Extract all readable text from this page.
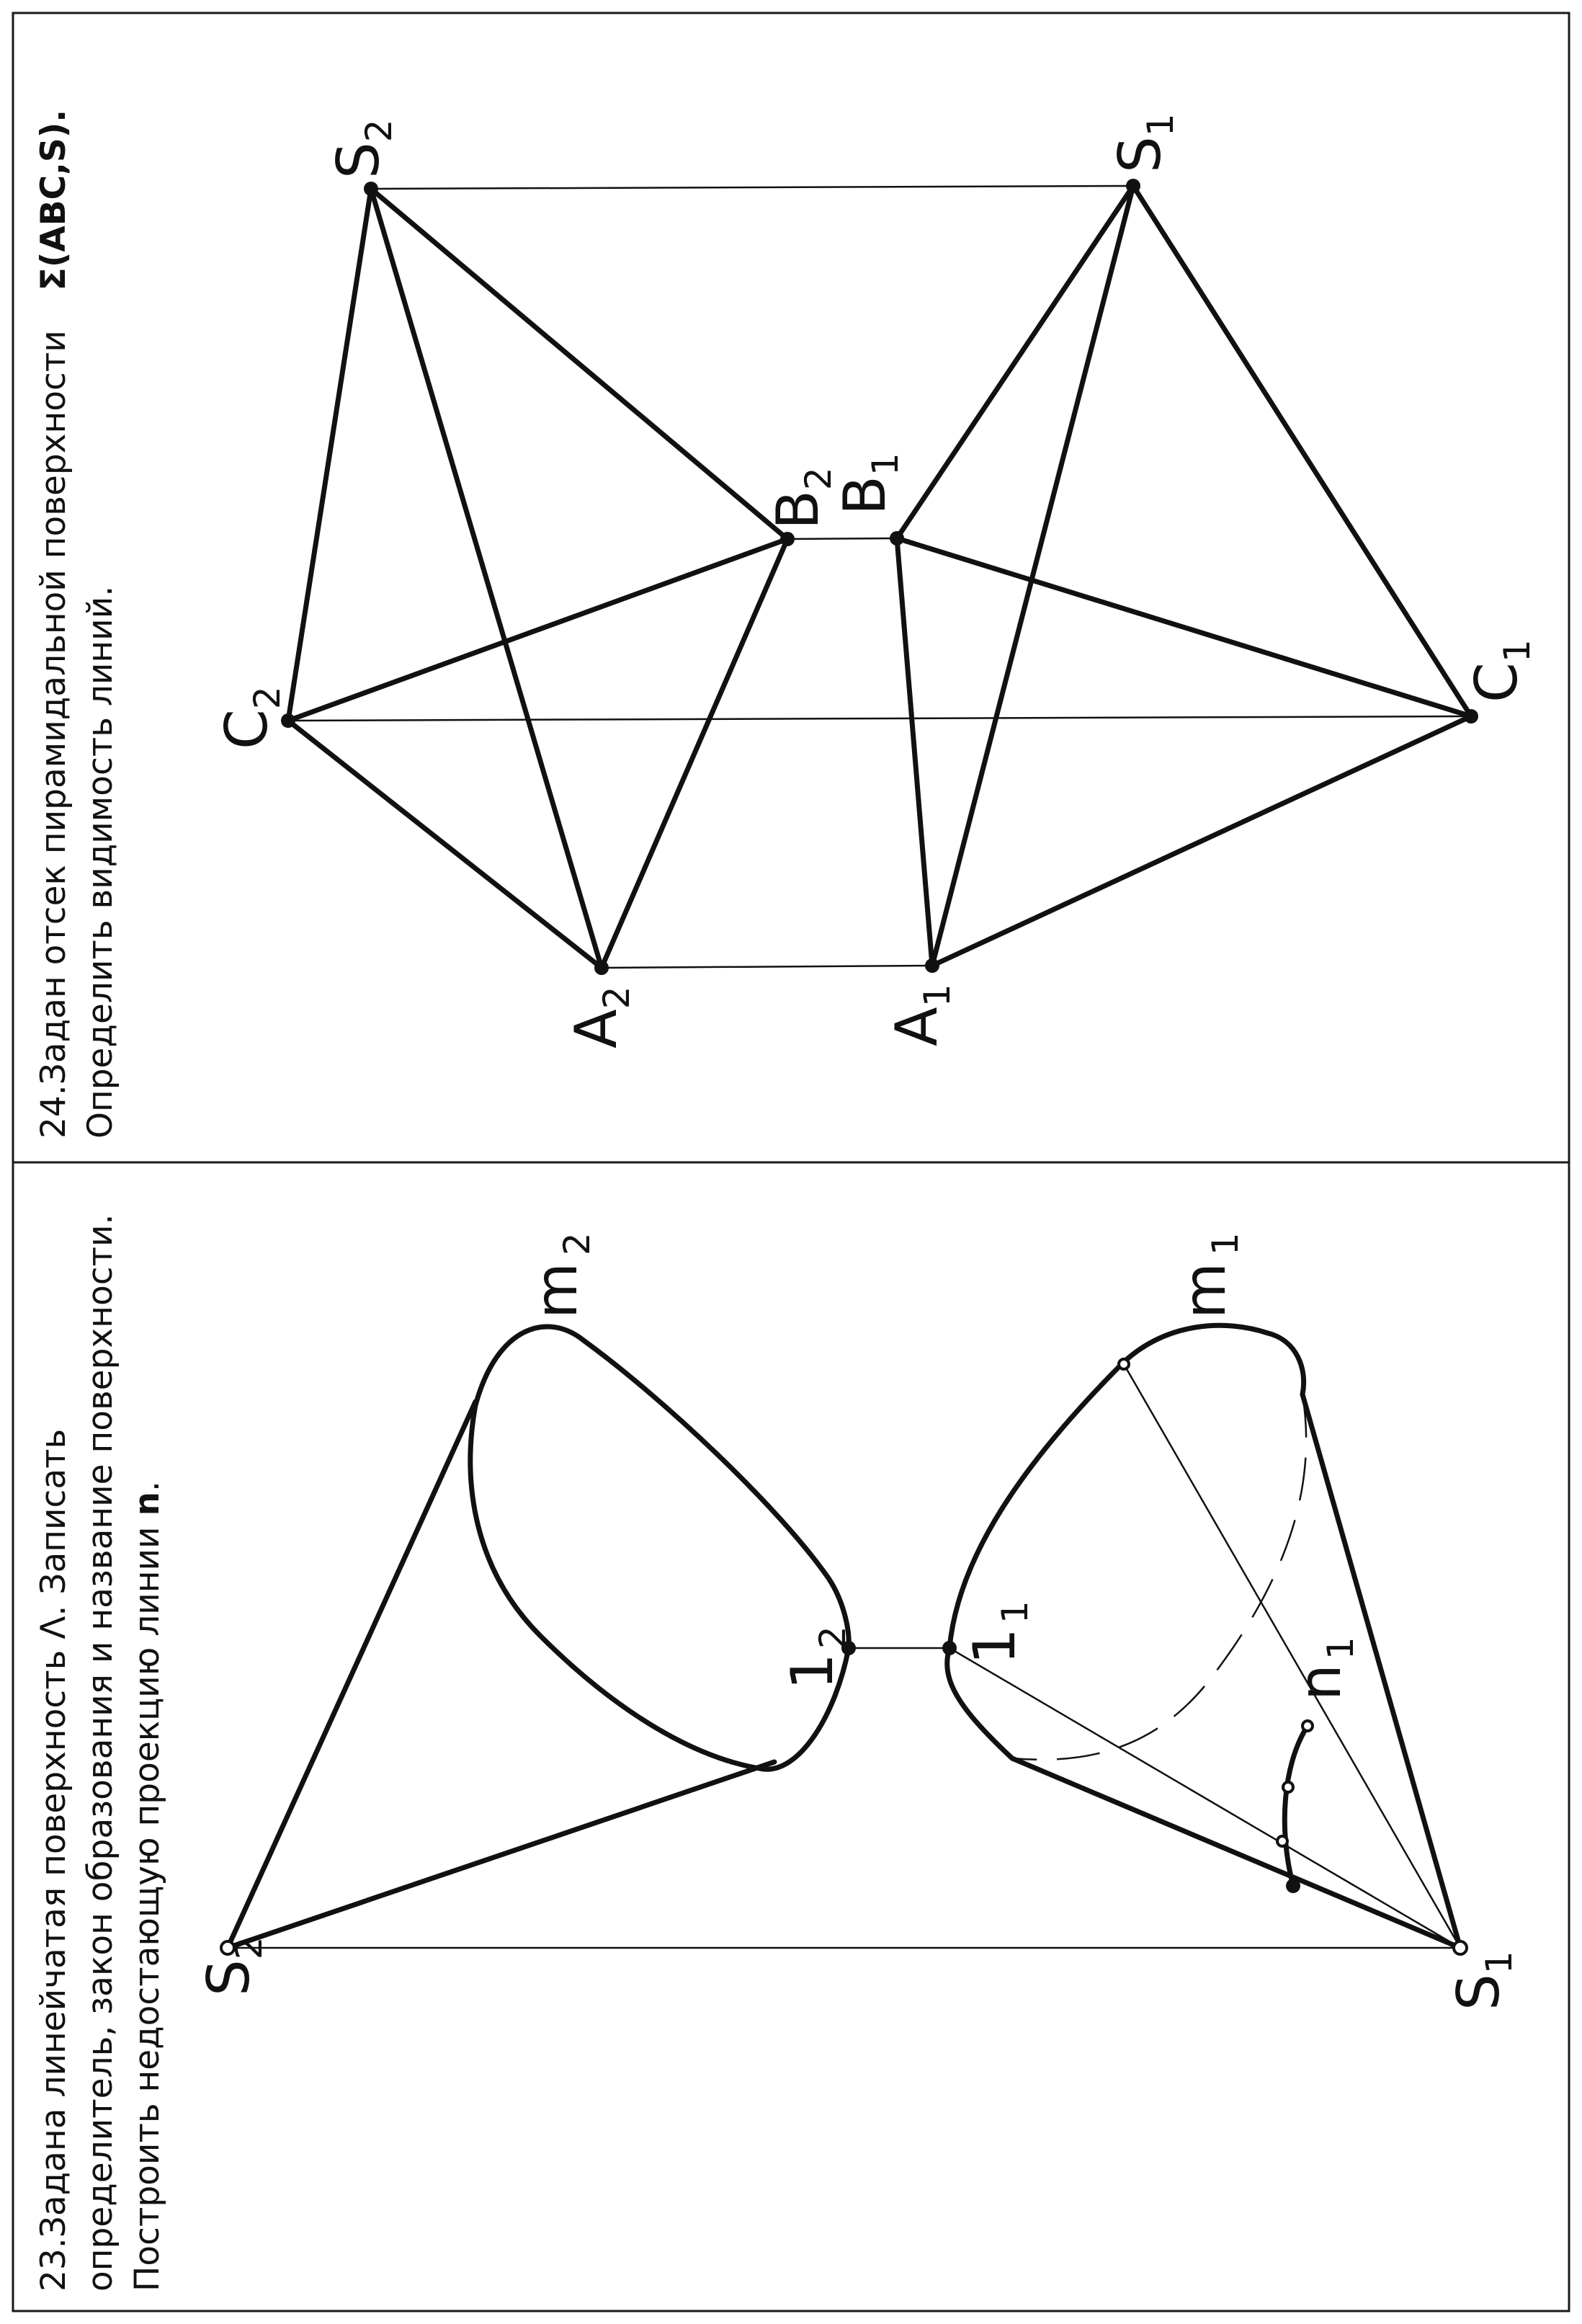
$S_2$
$S_1$
$C_2$	$C_1$
$B_2$
$B_1$
$A_2$
$A_1$
24.Задан отсек пирамидальной поверхностиΣ(ABC,S).
Определить видимость линий.
$S_2$
$S_1$
$m_2$
$m_1$
$1_2$ $1_1$
$n_1$
23.Задана линейчатая поверхность Λ. Записать определитель, закон образования и название поверхности. Построить недостающую проекцию линии n.
